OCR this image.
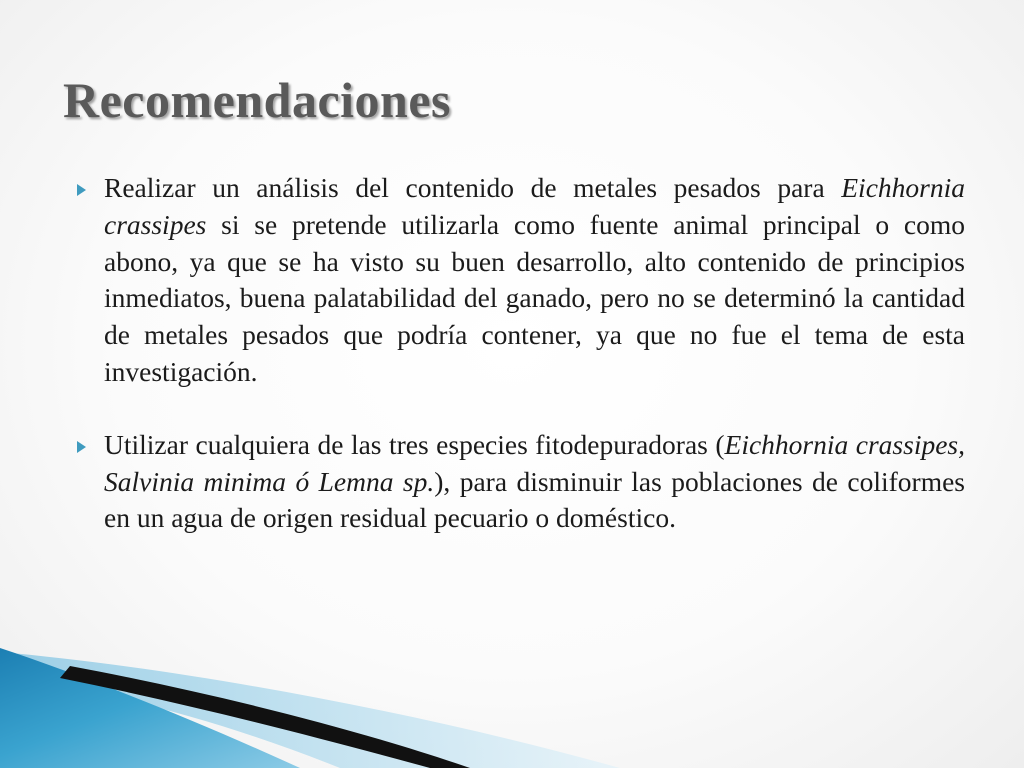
Recomendaciones
Realizar un análisis del contenido de metales pesados para Eichhornia crassipes si se pretende utilizarla como fuente animal principal o como abono, ya que se ha visto su buen desarrollo, alto contenido de principios inmediatos, buena palatabilidad del ganado, pero no se determinó la cantidad de metales pesados que podría contener, ya que no fue el tema de esta investigación.
Utilizar cualquiera de las tres especies fitodepuradoras (Eichhornia crassipes, Salvinia minima ó Lemna sp.), para disminuir las poblaciones de coliformes en un agua de origen residual pecuario o doméstico.
